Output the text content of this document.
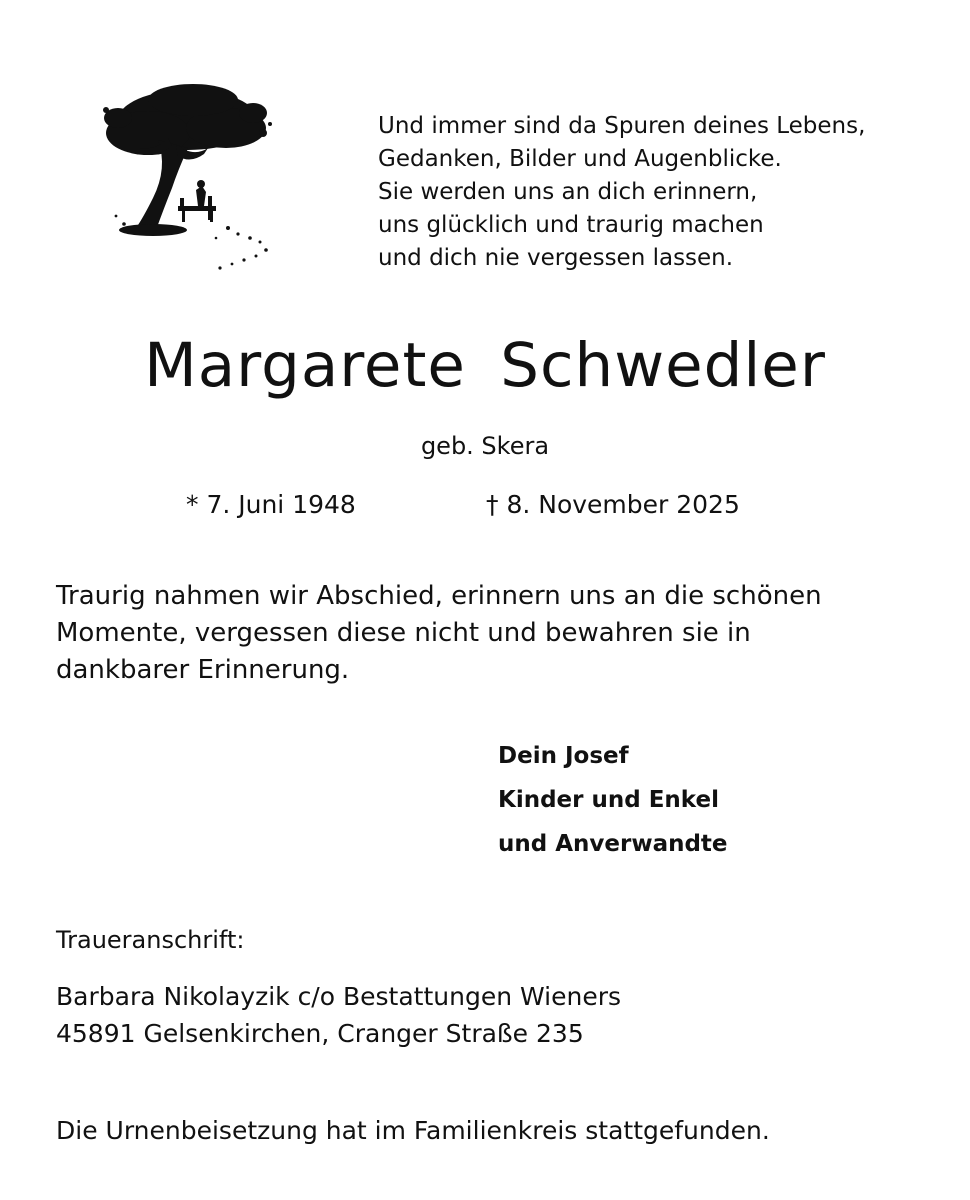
Und immer sind da Spuren deines Lebens,
Gedanken, Bilder und Augenblicke.
Sie werden uns an dich erinnern,
uns glücklich und traurig machen
und dich nie vergessen lassen.
Margarete Schwedler
geb. Skera
* 7. Juni 1948	† 8. November 2025
Traurig nahmen wir Abschied, erinnern uns an die schönen
Momente, vergessen diese nicht und bewahren sie in
dankbarer Erinnerung.
Dein Josef
Kinder und Enkel
und Anverwandte
Traueranschrift:
Barbara Nikolayzik c/o Bestattungen Wieners
45891 Gelsenkirchen, Cranger Straße 235
Die Urnenbeisetzung hat im Familienkreis stattgefunden.
